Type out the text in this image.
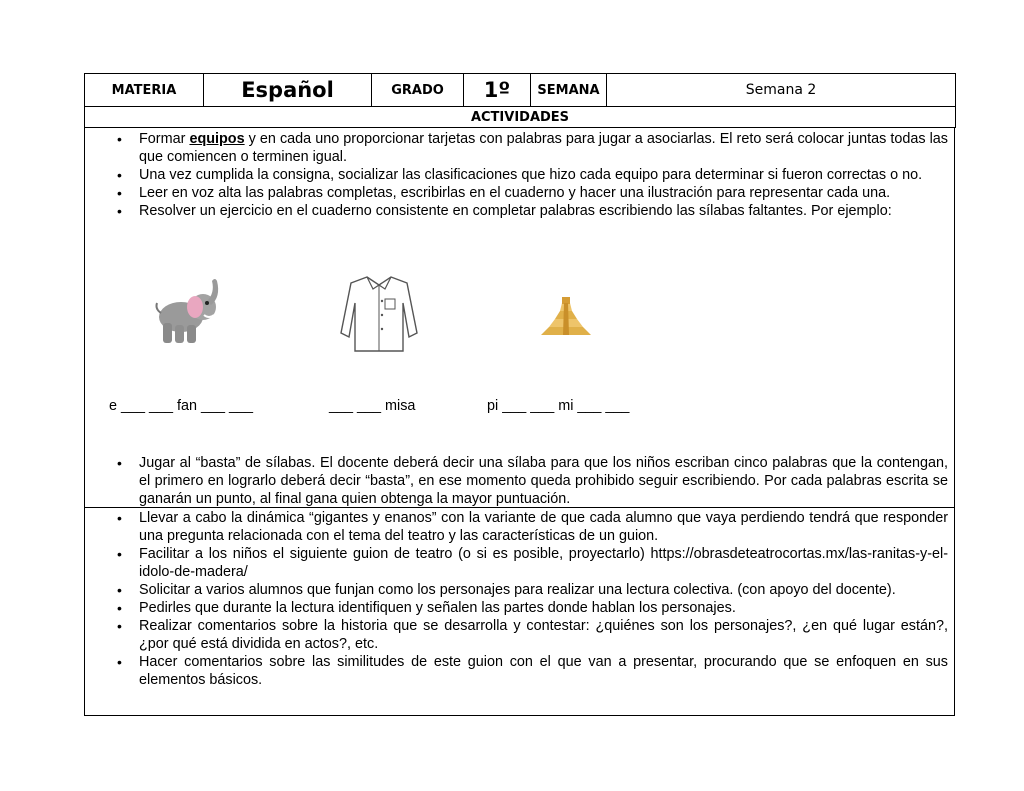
MATERIA	Español	GRADO	1º	SEMANA	Semana 2
ACTIVIDADES
• Formar equipos y en cada uno proporcionar tarjetas con palabras para jugar a asociarlas. El reto será colocar juntas todas las que comiencen o terminen igual.
• Una vez cumplida la consigna, socializar las clasificaciones que hizo cada equipo para determinar si fueron correctas o no.
• Leer en voz alta las palabras completas, escribirlas en el cuaderno y hacer una ilustración para representar cada una.
• Resolver un ejercicio en el cuaderno consistente en completar palabras escribiendo las sílabas faltantes. Por ejemplo:
e ___ ___ fan ___ ___	___ ___ misa	pi ___ ___ mi ___ ___
• Jugar al “basta” de sílabas. El docente deberá decir una sílaba para que los niños escriban cinco palabras que la contengan, el primero en lograrlo deberá decir “basta”, en ese momento queda prohibido seguir escribiendo. Por cada palabras escrita se ganarán un punto, al final gana quien obtenga la mayor puntuación.
• Llevar a cabo la dinámica “gigantes y enanos” con la variante de que cada alumno que vaya perdiendo tendrá que responder una pregunta relacionada con el tema del teatro y las características de un guion.
• Facilitar a los niños el siguiente guion de teatro (o si es posible, proyectarlo) https://obrasdeteatrocortas.mx/las-ranitas-y-el-idolo-de-madera/
• Solicitar a varios alumnos que funjan como los personajes para realizar una lectura colectiva. (con apoyo del docente).
• Pedirles que durante la lectura identifiquen y señalen las partes donde hablan los personajes.
• Realizar comentarios sobre la historia que se desarrolla y contestar: ¿quiénes son los personajes?, ¿en qué lugar están?, ¿por qué está dividida en actos?, etc.
• Hacer comentarios sobre las similitudes de este guion con el que van a presentar, procurando que se enfoquen en sus elementos básicos.
